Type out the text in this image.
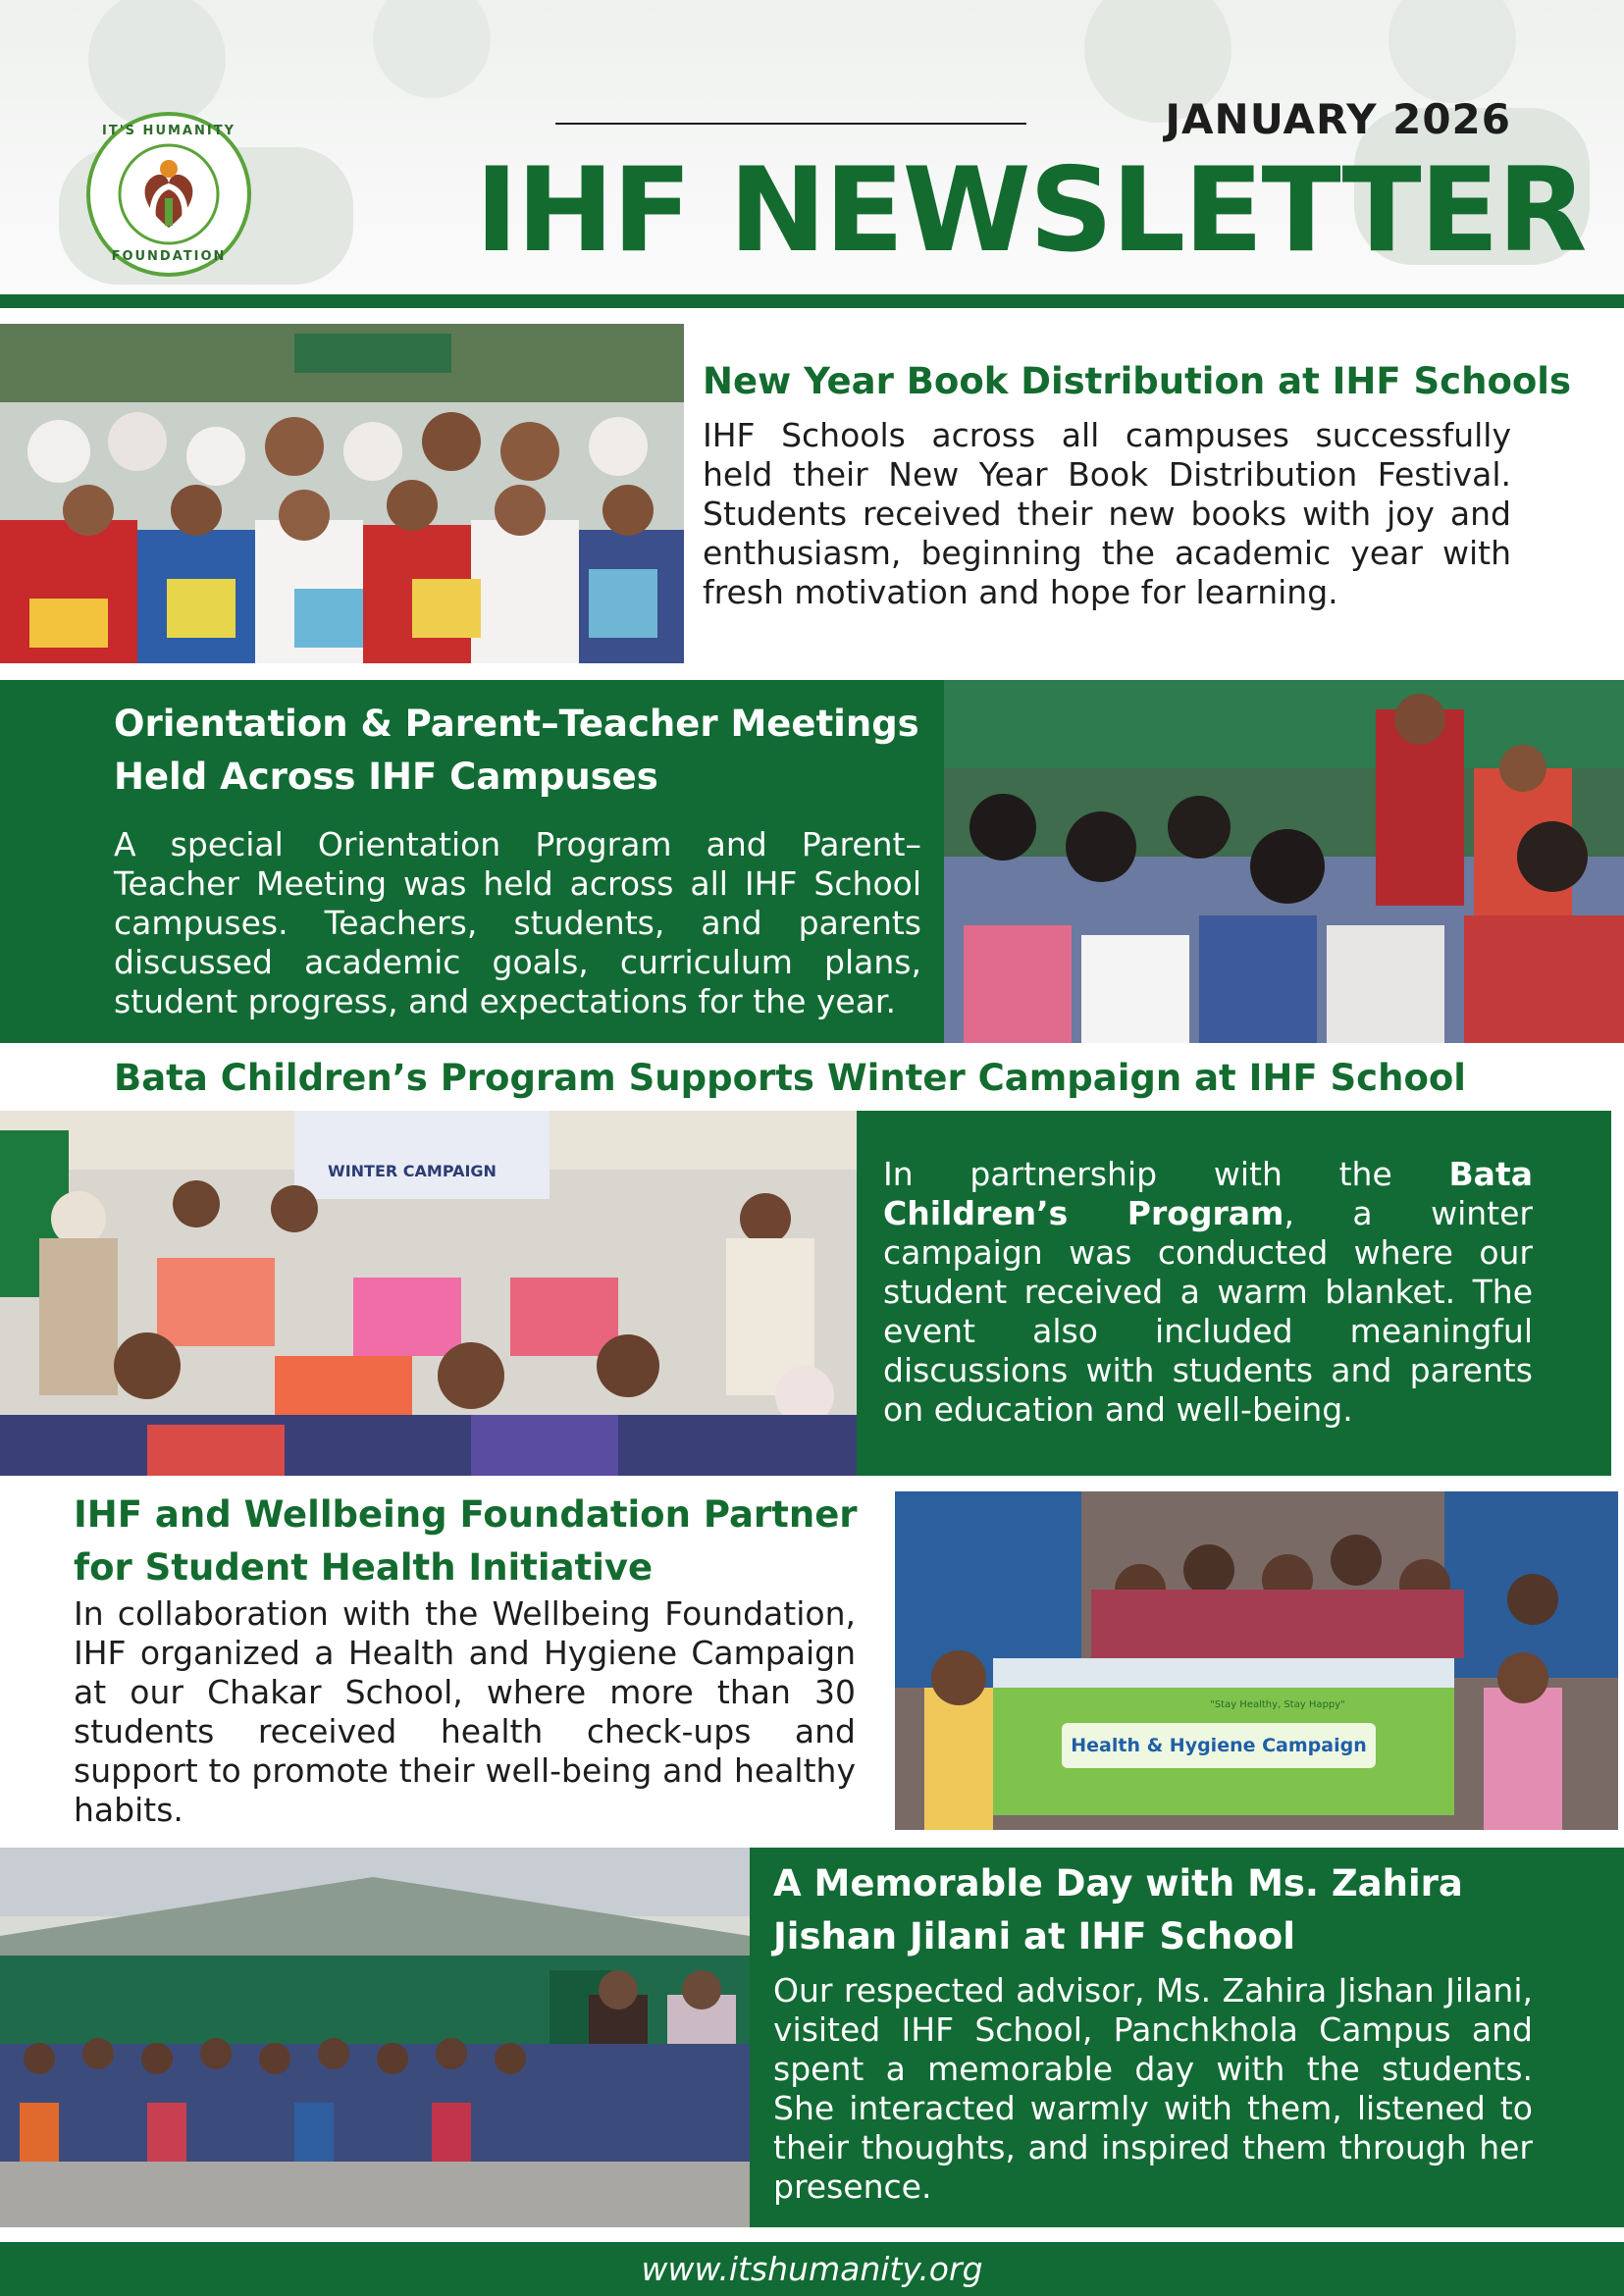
IT'S HUMANITY
FOUNDATION
JANUARY 2026
IHF NEWSLETTER

New Year Book Distribution at IHF Schools

IHF Schools across all campuses successfully held their New Year Book Distribution Festival. Students received their new books with joy and enthusiasm, beginning the academic year with fresh motivation and hope for learning.

Orientation & Parent–Teacher Meetings

Held Across IHF Campuses

A special Orientation Program and Parent–Teacher Meeting was held across all IHF School campuses. Teachers, students, and parents discussed academic goals, curriculum plans, student progress, and expectations for the year.

Bata Children’s Program Supports Winter Campaign at IHF School
WINTER CAMPAIGN	In partnership with the Bata Children’s Program, a winter campaign was conducted where our student received a warm blanket. The event also included meaningful discussions with students and parents on education and well-being.

IHF and Wellbeing Foundation Partner

for Student Health Initiative

In collaboration with the Wellbeing Foundation, IHF organized a Health and Hygiene Campaign at our Chakar School, where more than 30 students received health check-ups and support to promote their well-being and healthy habits.

"Stay Healthy, Stay Happy"
Health & Hygiene Campaign

A Memorable Day with Ms. Zahira

Jishan Jilani at IHF School

Our respected advisor, Ms. Zahira Jishan Jilani, visited IHF School, Panchkhola Campus and spent a memorable day with the students. She interacted warmly with them, listened to their thoughts, and inspired them through her presence.

www.itshumanity.org
